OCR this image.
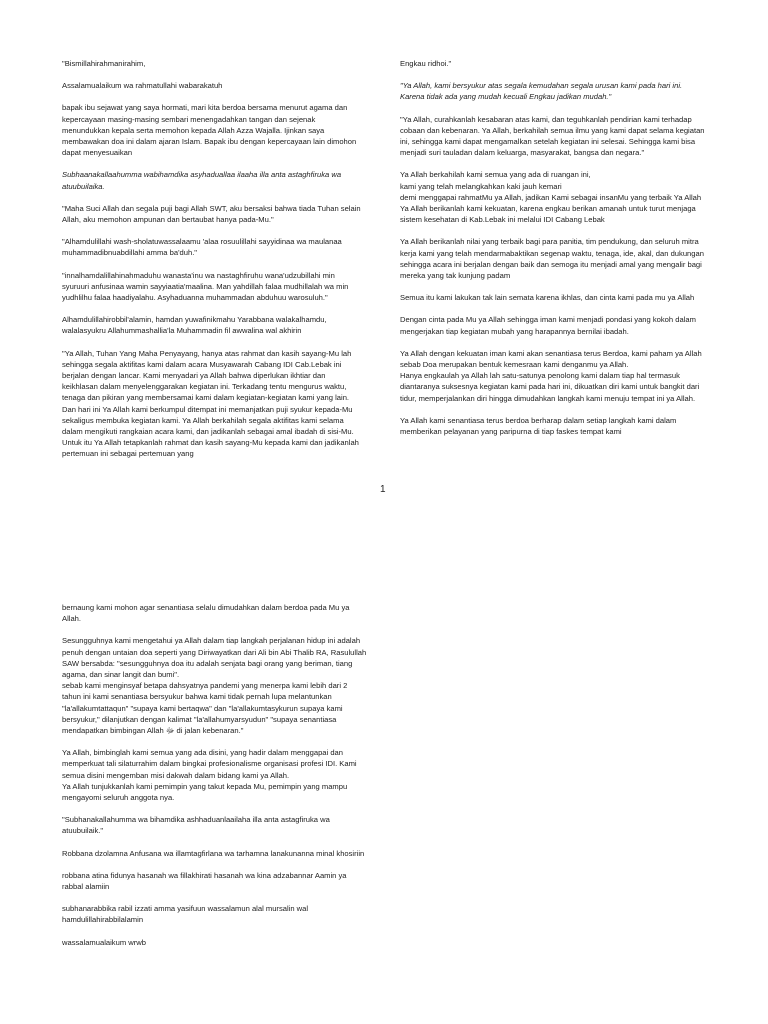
"Bismillahirahmanirahim,

Assalamualaikum wa rahmatullahi wabarakatuh

bapak ibu sejawat yang saya hormati, mari kita berdoa bersama menurut agama dan kepercayaan masing-masing sembari menengadahkan tangan dan sejenak menundukkan kepala serta memohon kepada Allah Azza Wajalla. Ijinkan saya membawakan doa ini dalam ajaran Islam. Bapak ibu dengan kepercayaan lain dimohon dapat menyesuaikan

Subhaanakallaahumma wabihamdika asyhaduallaa ilaaha illa anta astaghfiruka wa atuubuilaika.

"Maha Suci Allah dan segala puji bagi Allah SWT, aku bersaksi bahwa tiada Tuhan selain Allah, aku memohon ampunan dan bertaubat hanya pada-Mu."

"Alhamdulillahi wash-sholatuwassalaamu 'alaa rosuulillahi sayyidinaa wa maulanaa muhammadibnuabdillahi amma ba'duh."

"innalhamdalillahinahmaduhu wanasta'inu wa nastaghfiruhu wana'udzubillahi min syuruuri anfusinaa wamin sayyiaatia'maalina. Man yahdillah falaa mudhillalah wa min yudhlilhu falaa haadiyalahu. Asyhaduanna muhammadan abduhuu warosuluh."

Alhamdulillahirobbil'alamin, hamdan yuwafinikmahu Yarabbana walakalhamdu, walalasyukru Allahummashallia'la Muhammadin fil awwalina wal akhirin

"Ya Allah, Tuhan Yang Maha Penyayang, hanya atas rahmat dan kasih sayang-Mu lah sehingga segala aktifitas kami dalam acara Musyawarah Cabang IDI Cab.Lebak ini berjalan dengan lancar. Kami menyadari ya Allah bahwa diperlukan ikhtiar dan keikhlasan dalam menyelenggarakan kegiatan ini. Terkadang tentu mengurus waktu, tenaga dan pikiran yang membersamai kami dalam kegiatan-kegiatan kami yang lain.
Dan hari ini Ya Allah kami berkumpul ditempat ini memanjatkan puji syukur kepada-Mu sekaligus membuka kegiatan kami. Ya Allah berkahilah segala aktifitas kami selama dalam mengikuti rangkaian acara kami, dan jadikanlah sebagai amal ibadah di sisi-Mu. Untuk itu Ya Allah tetapkanlah rahmat dan kasih sayang-Mu kepada kami dan jadikanlah pertemuan ini sebagai pertemuan yang

Engkau ridhoi."

"Ya Allah, kami bersyukur atas segala kemudahan segala urusan kami pada hari ini. Karena tidak ada yang mudah kecuali Engkau jadikan mudah."

"Ya Allah, curahkanlah kesabaran atas kami, dan teguhkanlah pendirian kami terhadap cobaan dan kebenaran. Ya Allah, berkahilah semua ilmu yang kami dapat selama kegiatan ini, sehingga kami dapat mengamalkan setelah kegiatan ini selesai. Sehingga kami bisa menjadi suri tauladan dalam keluarga, masyarakat, bangsa dan negara."

Ya Allah berkahilah kami semua yang ada di ruangan ini,
kami yang telah melangkahkan kaki jauh kemari
demi menggapai rahmatMu ya Allah, jadikan Kami sebagai insanMu yang terbaik Ya Allah
Ya Allah berikanlah kami kekuatan, karena engkau berikan amanah untuk turut menjaga sistem kesehatan di Kab.Lebak ini melalui IDI Cabang Lebak

Ya Allah berikanlah nilai yang terbaik bagi para panitia, tim pendukung, dan seluruh mitra kerja kami yang telah mendarmabaktikan segenap waktu, tenaga, ide, akal, dan dukungan sehingga acara ini berjalan dengan baik dan semoga itu menjadi amal yang mengalir bagi mereka yang tak kunjung padam

Semua itu kami lakukan tak lain semata karena ikhlas, dan cinta kami pada mu ya Allah

Dengan cinta pada Mu ya Allah sehingga iman kami menjadi pondasi yang kokoh dalam mengerjakan tiap kegiatan mubah yang harapannya bernilai ibadah.

Ya Allah dengan kekuatan iman kami akan senantiasa terus Berdoa, kami paham ya Allah sebab Doa merupakan bentuk kemesraan kami denganmu ya Allah.
Hanya engkaulah ya Allah lah satu-satunya penolong kami dalam tiap hal termasuk diantaranya suksesnya kegiatan kami pada hari ini, dikuatkan diri kami untuk bangkit dari tidur, memperjalankan diri hingga dimudahkan langkah kami menuju tempat ini ya Allah.

Ya Allah kami senantiasa terus berdoa berharap dalam setiap langkah kami dalam memberikan pelayanan yang paripurna di tiap faskes tempat kami

1

bernaung kami mohon agar senantiasa selalu dimudahkan dalam berdoa pada Mu ya Allah.

Sesungguhnya kami mengetahui ya Allah dalam tiap langkah perjalanan hidup ini adalah penuh dengan untaian doa seperti yang Diriwayatkan dari Ali bin Abi Thalib RA, Rasulullah SAW bersabda: "sesungguhnya doa itu adalah senjata bagi orang yang beriman, tiang agama, dan sinar langit dan bumi".
sebab kami menginsyaf betapa dahsyatnya pandemi yang menerpa kami lebih dari 2 tahun ini kami senantiasa bersyukur bahwa kami tidak pernah lupa melantunkan "la'allakumtattaqun" "supaya kami bertaqwa" dan "la'allakumtasykurun supaya kami bersyukur," dilanjutkan dengan kalimat "la'allahumyarsyudun" "supaya senantiasa mendapatkan bimbingan Allah ﷻ di jalan kebenaran."

Ya Allah, bimbinglah kami semua yang ada disini, yang hadir dalam menggapai dan memperkuat tali silaturrahim dalam bingkai profesionalisme organisasi profesi IDI. Kami semua disini mengemban misi dakwah dalam bidang kami ya Allah.
Ya Allah tunjukkanlah kami pemimpin yang takut kepada Mu, pemimpin yang mampu mengayomi seluruh anggota nya.

"Subhanakallahumma wa bihamdika ashhaduanlaailaha illa anta astagfiruka wa atuubuilaik."

Robbana dzolamna Anfusana wa illamtagfirlana wa tarhamna lanakunanna minal khosiriin

robbana atina fidunya hasanah wa fillakhirati hasanah wa kina adzabannar Aamin ya rabbal alamiin

subhanarabbika rabil izzati amma yasifuun wassalamun alal mursalin wal hamdulillahirabbilalamin

wassalamualaikum wrwb
